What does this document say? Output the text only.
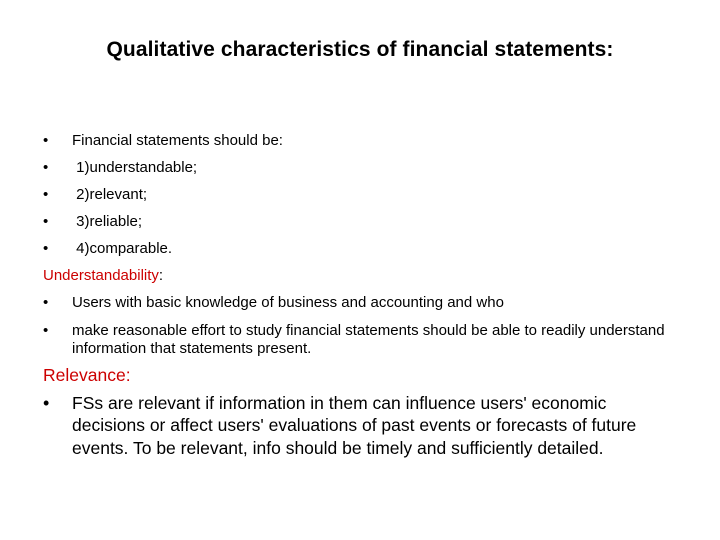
Qualitative characteristics of financial statements:
• Financial statements should be:
• 1)understandable;
• 2)relevant;
• 3)reliable;
• 4)comparable.
Understandability:
• Users with basic knowledge of business and accounting and who
• make reasonable effort to study financial statements should be able to readily understand information that statements present.
Relevance:
• FSs are relevant if information in them can influence users' economic decisions or affect users' evaluations of past events or forecasts of future events. To be relevant, info should be timely and sufficiently detailed.
